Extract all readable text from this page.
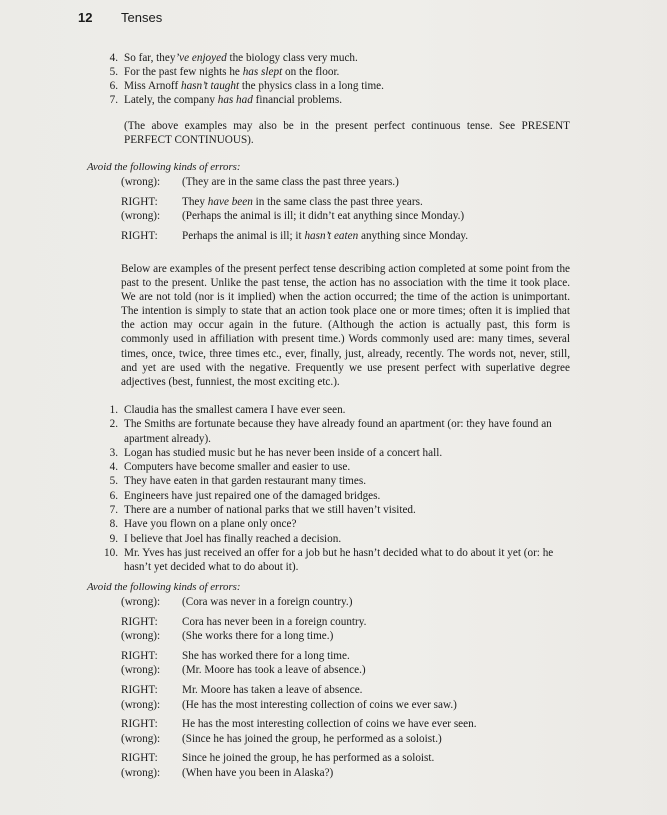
12 Tenses
4. So far, they’ve enjoyed the biology class very much.
5. For the past few nights he has slept on the floor.
6. Miss Arnoff hasn’t taught the physics class in a long time.
7. Lately, the company has had financial problems.
(The above examples may also be in the present perfect continuous tense. See PRESENT PERFECT CONTINUOUS).
Avoid the following kinds of errors:
(wrong): (They are in the same class the past three years.)
RIGHT: They have been in the same class the past three years.
(wrong): (Perhaps the animal is ill; it didn’t eat anything since Monday.)
RIGHT: Perhaps the animal is ill; it hasn’t eaten anything since Monday.
Below are examples of the present perfect tense describing action completed at some point from the past to the present. Unlike the past tense, the action has no association with the time it took place. We are not told (nor is it implied) when the action occurred; the time of the action is unimportant. The intention is simply to state that an action took place one or more times; often it is implied that the action may occur again in the future. (Although the action is actually past, this form is commonly used in affiliation with present time.) Words commonly used are: many times, several times, once, twice, three times etc., ever, finally, just, already, recently. The words not, never, still, and yet are used with the negative. Frequently we use present perfect with superlative degree adjectives (best, funniest, the most exciting etc.).
1. Claudia has the smallest camera I have ever seen.
2. The Smiths are fortunate because they have already found an apartment (or: they have found an apartment already).
3. Logan has studied music but he has never been inside of a concert hall.
4. Computers have become smaller and easier to use.
5. They have eaten in that garden restaurant many times.
6. Engineers have just repaired one of the damaged bridges.
7. There are a number of national parks that we still haven’t visited.
8. Have you flown on a plane only once?
9. I believe that Joel has finally reached a decision.
10. Mr. Yves has just received an offer for a job but he hasn’t decided what to do about it yet (or: he hasn’t yet decided what to do about it).
Avoid the following kinds of errors:
(wrong): (Cora was never in a foreign country.)
RIGHT: Cora has never been in a foreign country.
(wrong): (She works there for a long time.)
RIGHT: She has worked there for a long time.
(wrong): (Mr. Moore has took a leave of absence.)
RIGHT: Mr. Moore has taken a leave of absence.
(wrong): (He has the most interesting collection of coins we ever saw.)
RIGHT: He has the most interesting collection of coins we have ever seen.
(wrong): (Since he has joined the group, he performed as a soloist.)
RIGHT: Since he joined the group, he has performed as a soloist.
(wrong): (When have you been in Alaska?)
